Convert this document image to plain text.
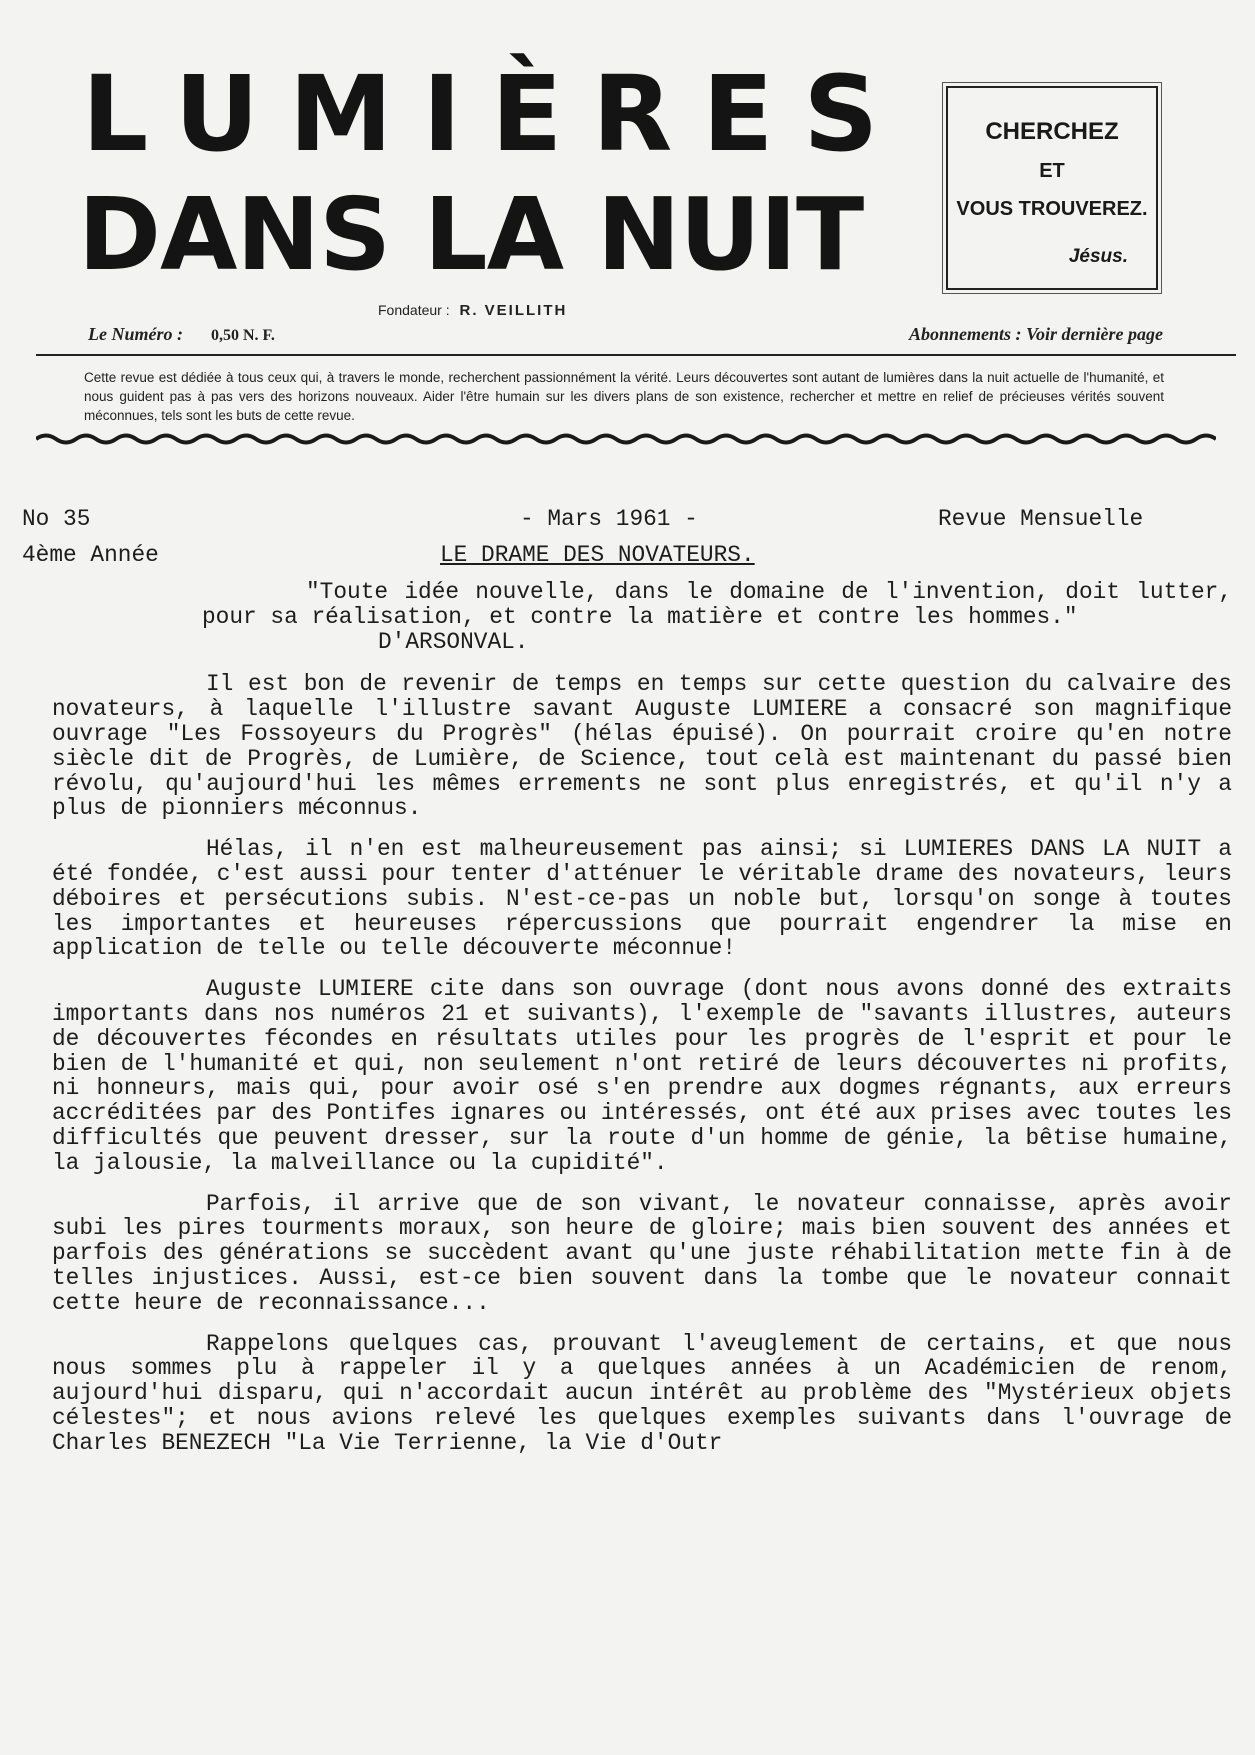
LUMIÈRES
DANS LA NUIT
CHERCHEZ
ET
VOUS TROUVEREZ.
Jésus.
Fondateur : R. VEILLITH
Le Numéro : 0,50 N. F.	Abonnements : Voir dernière page
Cette revue est dédiée à tous ceux qui, à travers le monde, recherchent passionnément la vérité. Leurs découvertes sont autant de lumières dans la nuit actuelle de l'humanité, et nous guident pas à pas vers des horizons nouveaux. Aider l'être humain sur les divers plans de son existence, rechercher et mettre en relief de précieuses vérités souvent méconnues, tels sont les buts de cette revue.
No 35	- Mars 1961 -	Revue Mensuelle
4ème Année	LE DRAME DES NOVATEURS.

"Toute idée nouvelle, dans le domaine de l'invention, doit lutter, pour sa réalisation, et contre la matière et contre les hommes."

D'ARSONVAL.

Il est bon de revenir de temps en temps sur cette question du calvaire des novateurs, à laquelle l'illustre savant Auguste LUMIERE a consacré son magnifique ouvrage "Les Fossoyeurs du Progrès" (hélas épuisé). On pourrait croire qu'en notre siècle dit de Progrès, de Lumière, de Science, tout celà est maintenant du passé bien révolu, qu'aujourd'hui les mêmes errements ne sont plus enregistrés, et qu'il n'y a plus de pionniers méconnus.

Hélas, il n'en est malheureusement pas ainsi; si LUMIERES DANS LA NUIT a été fondée, c'est aussi pour tenter d'atténuer le véritable drame des novateurs, leurs déboires et persécutions subis. N'est-ce-pas un noble but, lorsqu'on songe à toutes les importantes et heureuses répercussions que pourrait engendrer la mise en application de telle ou telle découverte méconnue!

Auguste LUMIERE cite dans son ouvrage (dont nous avons donné des extraits importants dans nos numéros 21 et suivants), l'exemple de "savants illustres, auteurs de découvertes fécondes en résultats utiles pour les progrès de l'esprit et pour le bien de l'humanité et qui, non seulement n'ont retiré de leurs découvertes ni profits, ni honneurs, mais qui, pour avoir osé s'en prendre aux dogmes régnants, aux erreurs accréditées par des Pontifes ignares ou intéressés, ont été aux prises avec toutes les difficultés que peuvent dresser, sur la route d'un homme de génie, la bêtise humaine, la jalousie, la malveillance ou la cupidité".

Parfois, il arrive que de son vivant, le novateur connaisse, après avoir subi les pires tourments moraux, son heure de gloire; mais bien souvent des années et parfois des générations se succèdent avant qu'une juste réhabilitation mette fin à de telles injustices. Aussi, est-ce bien souvent dans la tombe que le novateur connait cette heure de reconnaissance...

Rappelons quelques cas, prouvant l'aveuglement de certains, et que nous nous sommes plu à rappeler il y a quelques années à un Académicien de renom, aujourd'hui disparu, qui n'accordait aucun intérêt au problème des "Mystérieux objets célestes"; et nous avions relevé les quelques exemples suivants dans l'ouvrage de Charles BENEZECH "La Vie Terrienne, la Vie d'Outr
